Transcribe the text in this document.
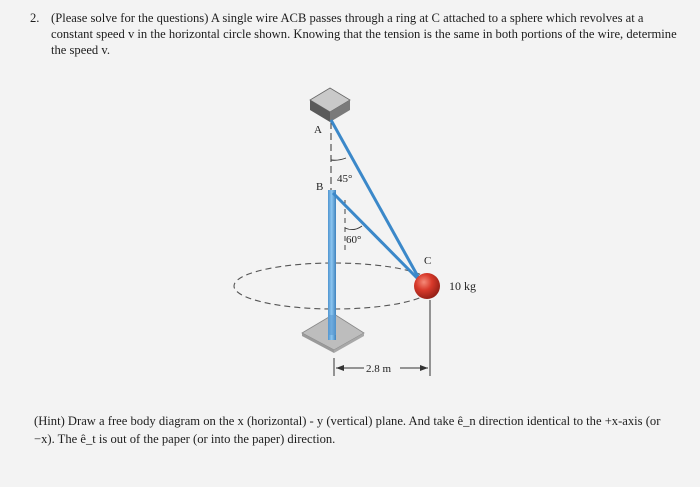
2. (Please solve for the questions) A single wire ACB passes through a ring at C attached to a sphere which revolves at a constant speed v in the horizontal circle shown. Knowing that the tension is the same in both portions of the wire, determine the speed v.
A
B
C
45°
60°
10 kg
2.8 m
(Hint) Draw a free body diagram on the x (horizontal) - y (vertical) plane. And take ê_n direction identical to the +x-axis (or −x). The ê_t is out of the paper (or into the paper) direction.
